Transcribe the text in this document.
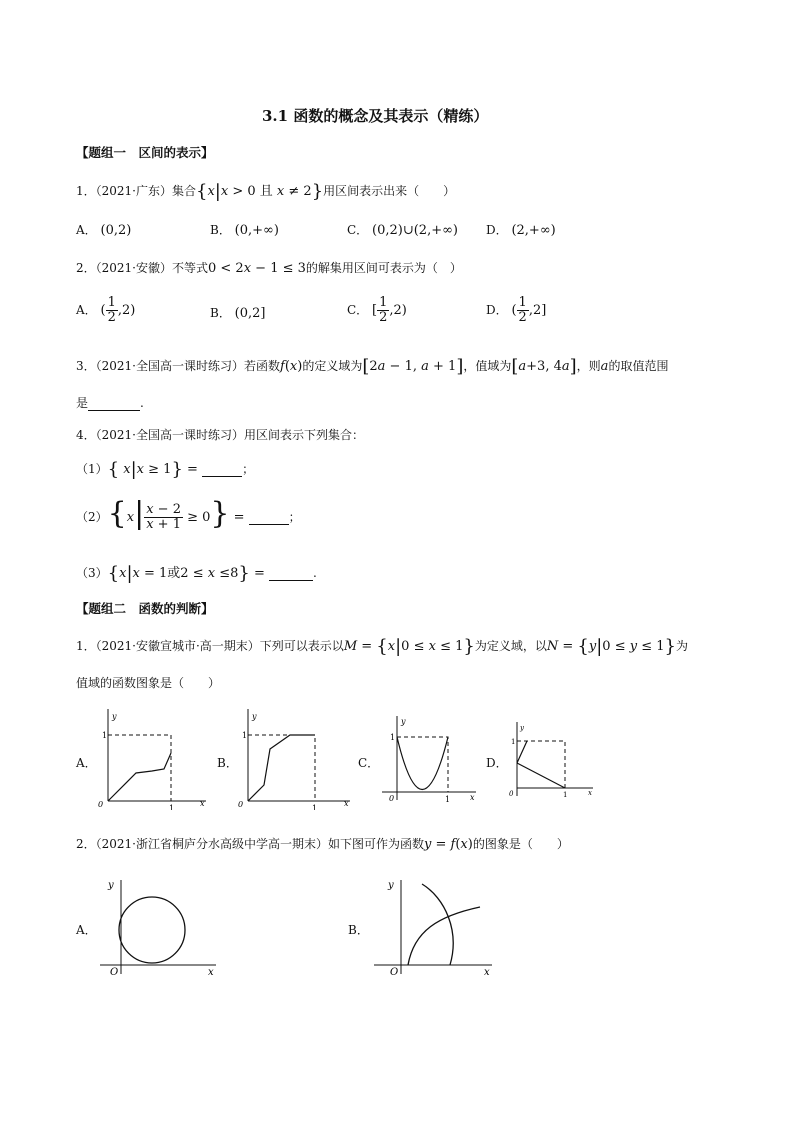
3.1 函数的概念及其表示（精练）
【题组一　区间的表示】
1．（2021·广东）集合{x|x > 0 且 x ≠ 2}用区间表示出来（　　）
A． (0,2)	B． (0,+∞)	C． (0,2)∪(2,+∞) D． (2,+∞)
2．（2021·安徽）不等式0 < 2x − 1 ≤ 3的解集用区间可表示为（　）
A． ( $\frac{1}{2} ,2$)	B． (0,2]	C． [ $\frac{1}{2} ,2$)	D． ( $\frac{1}{2} ,2$]
3．（2021·全国高一课时练习）若函数f(x)的定义域为[2a − 1, a + 1]，值域为[a+3, 4a]，则a的取值范围
是	.
4．（2021·全国高一课时练习）用区间表示下列集合：
（1）{ x|x ≥ 1} =	；
$(2)\{x| \frac{x - 2}{x + 1} \ge 0\}$ =	；
（3）{x|x = 1或2 ≤ x ≤8} =	.
【题组二　函数的判断】
1．（2021·安徽宣城市·高一期末）下列可以表示以M = {x|0 ≤ x ≤ 1}为定义域，以N = {y|0 ≤ y ≤ 1}为
值域的函数图象是（　　）
A．
y
1
0	1
x
B．
y
1
0	1
x
C．
y
1
0	1 x
D．
y
1
0	1	x
2．（2021·浙江省桐庐分水高级中学高一期末）如下图可作为函数y = f(x)的图象是（　　）
A．
y
O	x
B．
y
O	x
